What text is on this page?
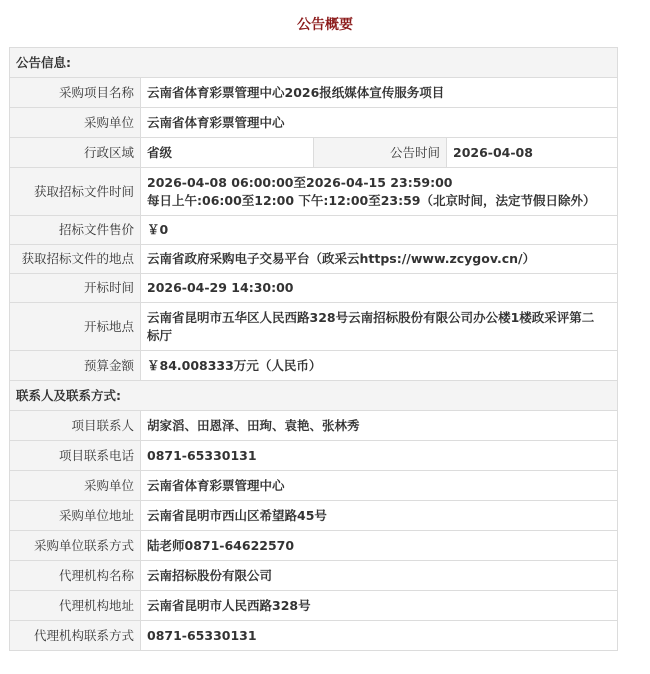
公告概要
公告信息:			
采购项目名称	云南省体育彩票管理中心2026报纸媒体宣传服务项目		
采购单位	云南省体育彩票管理中心		
行政区域	省级	公告时间	2026-04-08
获取招标文件时间	2026-04-08 06:00:00至2026-04-15 23:59:00
每日上午:06:00至12:00 下午:12:00至23:59（北京时间，法定节假日除外）		

招标文件售价	￥0		
获取招标文件的地点	云南省政府采购电子交易平台（政采云https://www.zcygov.cn/）		
开标时间	2026-04-29 14:30:00		
开标地点	云南省昆明市五华区人民西路328号云南招标股份有限公司办公楼1楼政采评第二
标厅		

预算金额	￥84.008333万元（人民币）		
联系人及联系方式:			
项目联系人	胡家滔、田恩泽、田珣、袁艳、张林秀		
项目联系电话	0871-65330131		
采购单位	云南省体育彩票管理中心		
采购单位地址	云南省昆明市西山区希望路45号		
采购单位联系方式	陆老师0871-64622570		
代理机构名称	云南招标股份有限公司		
代理机构地址	云南省昆明市人民西路328号		
代理机构联系方式	0871-65330131		
